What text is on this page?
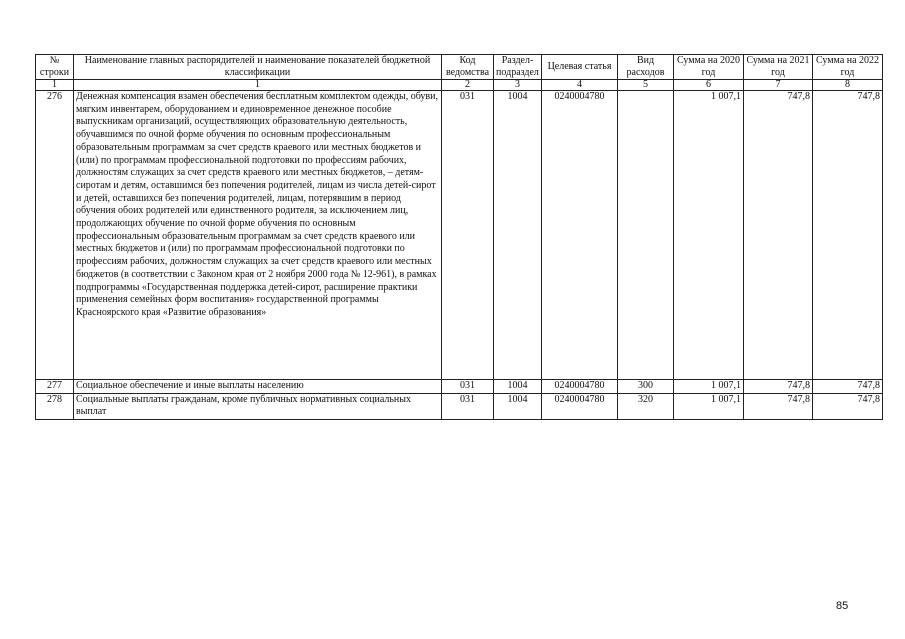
№ строки	Наименование главных распорядителей и наименование показателей бюджетной классификации	Код ведомства	Раздел-подраздел	Целевая статья	Вид расходов	Сумма на 2020 год	Сумма на 2021 год	Сумма на 2022 год
1	1	2	3	4	5	6	7	8
276	Денежная компенсация взамен обеспечения бесплатным комплектом одежды, обуви, мягким инвентарем, оборудованием и единовременное денежное пособие выпускникам организаций, осуществляющих образовательную деятельность, обучавшимся по очной форме обучения по основным профессиональным образовательным программам за счет средств краевого или местных бюджетов и (или) по программам профессиональной подготовки по профессиям рабочих, должностям служащих за счет средств краевого или местных бюджетов, – детям-сиротам и детям, оставшимся без попечения родителей, лицам из числа детей-сирот и детей, оставшихся без попечения родителей, лицам, потерявшим в период обучения обоих родителей или единственного родителя, за исключением лиц, продолжающих обучение по очной форме обучения по основным профессиональным образовательным программам за счет средств краевого или местных бюджетов и (или) по программам профессиональной подготовки по профессиям рабочих, должностям служащих за счет средств краевого или местных бюджетов (в соответствии с Законом края от 2 ноября 2000 года № 12-961), в рамках подпрограммы «Государственная поддержка детей-сирот, расширение практики применения семейных форм воспитания» государственной программы Красноярского края «Развитие образования»	031	1004	0240004780		1 007,1	747,8	747,8
277	Социальное обеспечение и иные выплаты населению	031	1004	0240004780	300	1 007,1	747,8	747,8
278	Социальные выплаты гражданам, кроме публичных нормативных социальных выплат	031	1004	0240004780	320	1 007,1	747,8	747,8
85
